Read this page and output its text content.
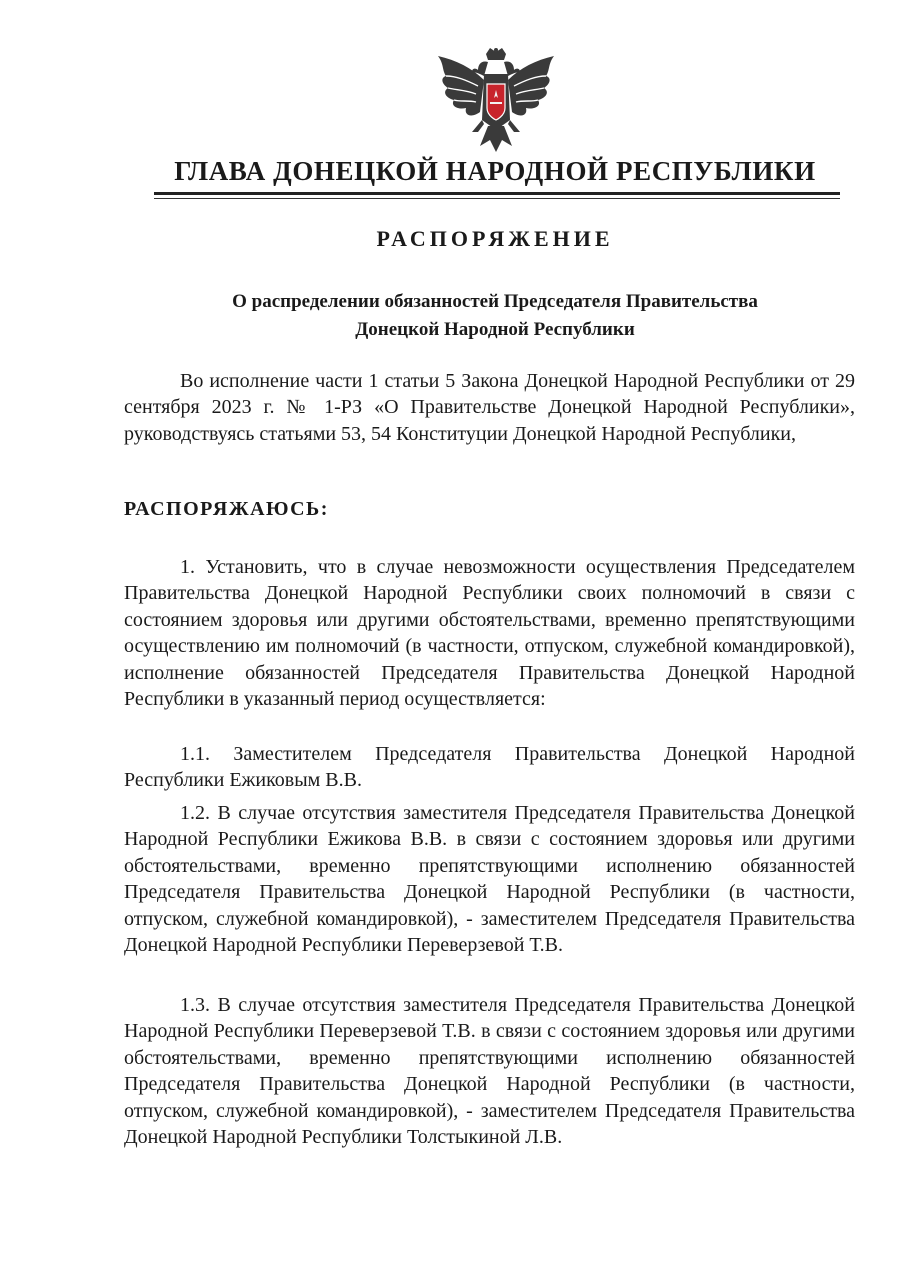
ГЛАВА ДОНЕЦКОЙ НАРОДНОЙ РЕСПУБЛИКИ
РАСПОРЯЖЕНИЕ
О распределении обязанностей Председателя Правительства
Донецкой Народной Республики
Во исполнение части 1 статьи 5 Закона Донецкой Народной Республики от 29 сентября 2023 г. № 1-РЗ «О Правительстве Донецкой Народной Республики», руководствуясь статьями 53, 54 Конституции Донецкой Народной Республики,
РАСПОРЯЖАЮСЬ:
1. Установить, что в случае невозможности осуществления Председателем Правительства Донецкой Народной Республики своих полномочий в связи с состоянием здоровья или другими обстоятельствами, временно препятствующими осуществлению им полномочий (в частности, отпуском, служебной командировкой), исполнение обязанностей Председателя Правительства Донецкой Народной Республики в указанный период осуществляется:
1.1. Заместителем Председателя Правительства Донецкой Народной Республики Ежиковым В.В.
1.2. В случае отсутствия заместителя Председателя Правительства Донецкой Народной Республики Ежикова В.В. в связи с состоянием здоровья или другими обстоятельствами, временно препятствующими исполнению обязанностей Председателя Правительства Донецкой Народной Республики (в частности, отпуском, служебной командировкой), - заместителем Председателя Правительства Донецкой Народной Республики Переверзевой Т.В.
1.3. В случае отсутствия заместителя Председателя Правительства Донецкой Народной Республики Переверзевой Т.В. в связи с состоянием здоровья или другими обстоятельствами, временно препятствующими исполнению обязанностей Председателя Правительства Донецкой Народной Республики (в частности, отпуском, служебной командировкой), - заместителем Председателя Правительства Донецкой Народной Республики Толстыкиной Л.В.
